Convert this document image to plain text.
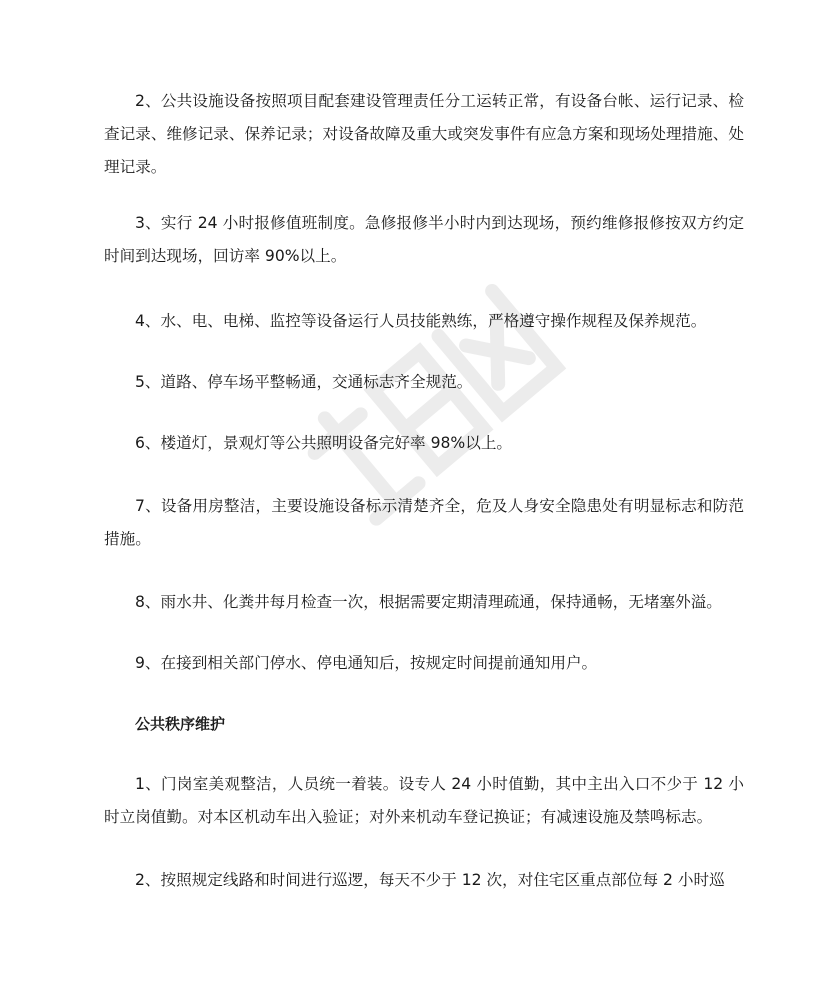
2、公共设施设备按照项目配套建设管理责任分工运转正常，有设备台帐、运行记录、检查记录、维修记录、保养记录；对设备故障及重大或突发事件有应急方案和现场处理措施、处理记录。

3、实行 24 小时报修值班制度。急修报修半小时内到达现场，预约维修报修按双方约定时间到达现场，回访率 90%以上。

4、水、电、电梯、监控等设备运行人员技能熟练，严格遵守操作规程及保养规范。

5、道路、停车场平整畅通，交通标志齐全规范。

6、楼道灯，景观灯等公共照明设备完好率 98%以上。

7、设备用房整洁，主要设施设备标示清楚齐全，危及人身安全隐患处有明显标志和防范措施。

8、雨水井、化粪井每月检查一次，根据需要定期清理疏通，保持通畅，无堵塞外溢。

9、在接到相关部门停水、停电通知后，按规定时间提前通知用户。

公共秩序维护

1、门岗室美观整洁，人员统一着装。设专人 24 小时值勤，其中主出入口不少于 12 小时立岗值勤。对本区机动车出入验证；对外来机动车登记换证；有减速设施及禁鸣标志。

2、按照规定线路和时间进行巡逻，每天不少于 12 次，对住宅区重点部位每 2 小时巡
